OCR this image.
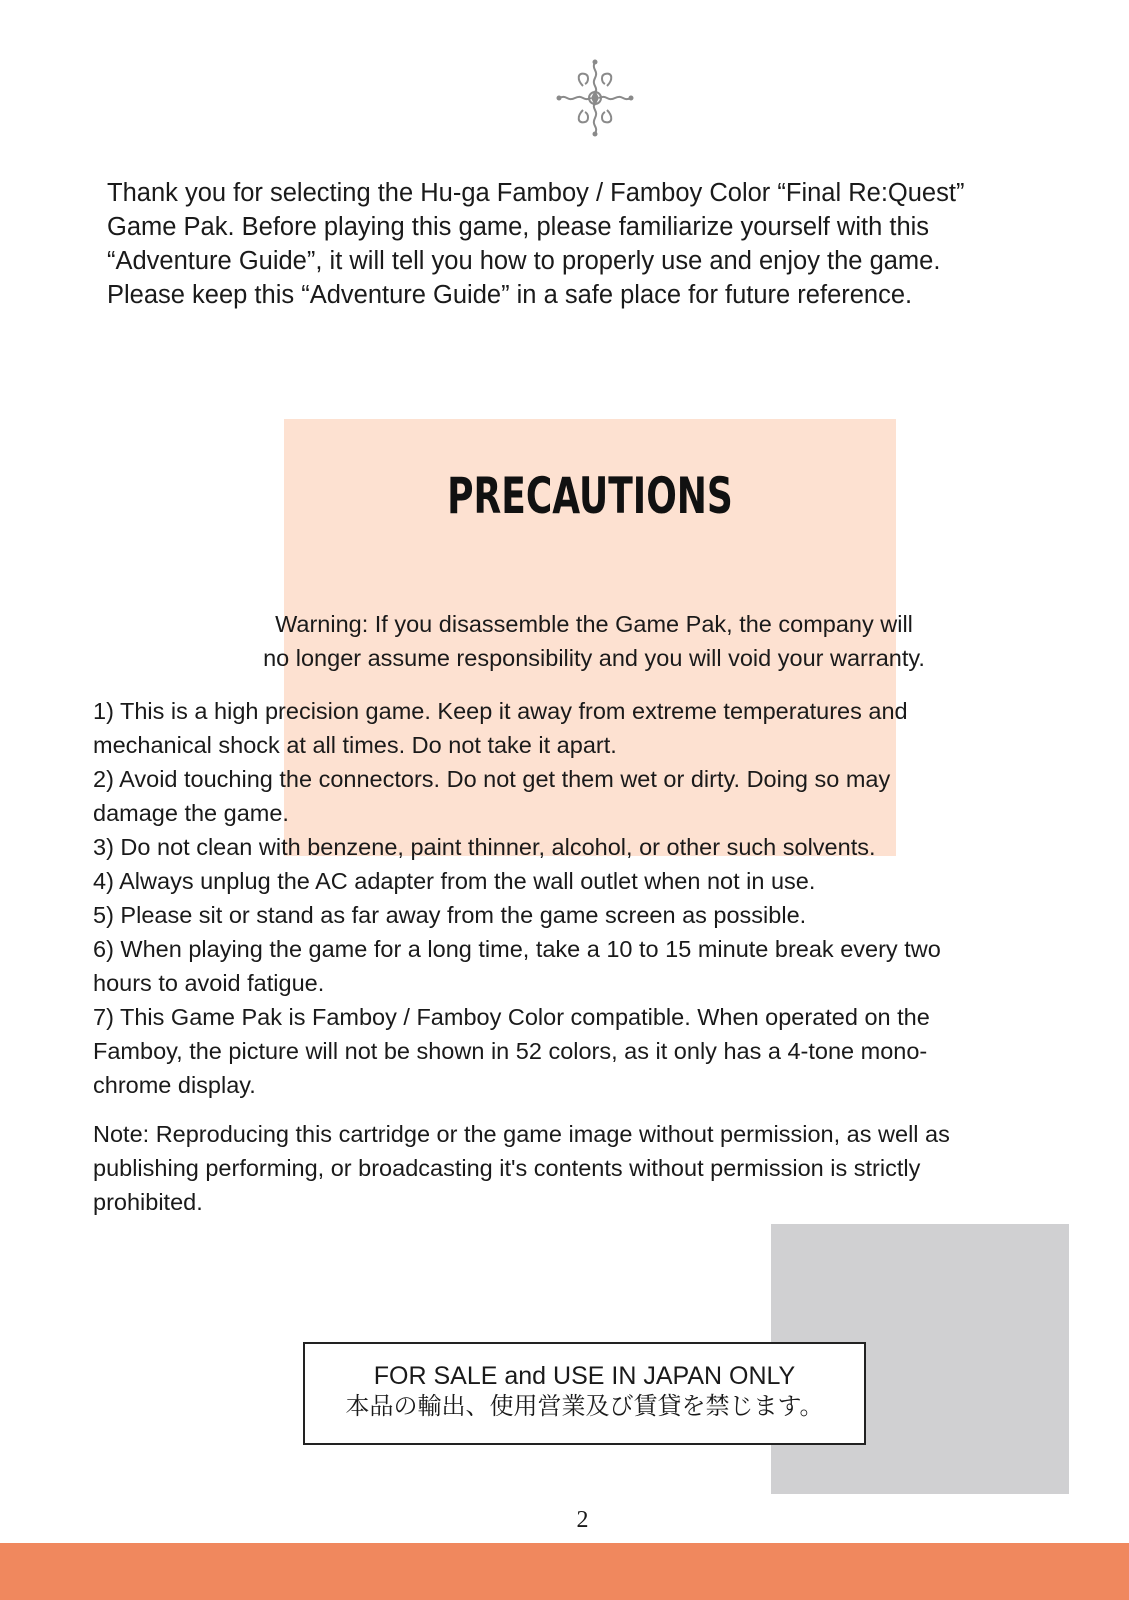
Thank you for selecting the Hu-ga Famboy / Famboy Color “Final Re:Quest”
Game Pak. Before playing this game, please familiarize yourself with this
“Adventure Guide”, it will tell you how to properly use and enjoy the game.
Please keep this “Adventure Guide” in a safe place for future reference.
PRECAUTIONS
Warning: If you disassemble the Game Pak, the company will
no longer assume responsibility and you will void your warranty.
1) This is a high precision game. Keep it away from extreme temperatures and
mechanical shock at all times. Do not take it apart.
2) Avoid touching the connectors. Do not get them wet or dirty. Doing so may
damage the game.
3) Do not clean with benzene, paint thinner, alcohol, or other such solvents.
4) Always unplug the AC adapter from the wall outlet when not in use.
5) Please sit or stand as far away from the game screen as possible.
6) When playing the game for a long time, take a 10 to 15 minute break every two
hours to avoid fatigue.
7) This Game Pak is Famboy / Famboy Color compatible. When operated on the
Famboy, the picture will not be shown in 52 colors, as it only has a 4-tone mono-
chrome display.
Note: Reproducing this cartridge or the game image without permission, as well as
publishing performing, or broadcasting it's contents without permission is strictly
prohibited.
FOR SALE and USE IN JAPAN ONLY
本品の輸出、使用営業及び賃貸を禁じます。
2
